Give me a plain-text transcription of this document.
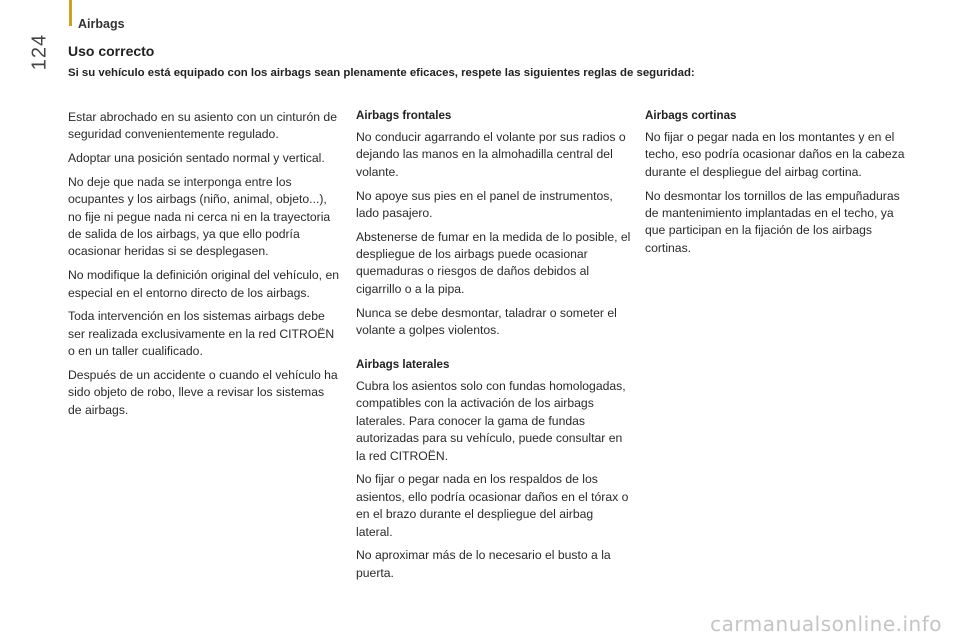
Airbags
124 Uso correcto
Si su vehículo está equipado con los airbags sean plenamente eficaces, respete las siguientes reglas de seguridad:

Estar abrochado en su asiento con un cinturón de seguridad convenientemente regulado.

Adoptar una posición sentado normal y vertical.

No deje que nada se interponga entre los ocupantes y los airbags (niño, animal, objeto...), no fije ni pegue nada ni cerca ni en la trayectoria de salida de los airbags, ya que ello podría ocasionar heridas si se desplegasen.

No modifique la definición original del vehículo, en especial en el entorno directo de los airbags.

Toda intervención en los sistemas airbags debe ser realizada exclusivamente en la red CITROËN o en un taller cualificado.

Después de un accidente o cuando el vehículo ha sido objeto de robo, lleve a revisar los sistemas de airbags.

Airbags frontales

No conducir agarrando el volante por sus radios o dejando las manos en la almohadilla central del volante.

No apoye sus pies en el panel de instrumentos, lado pasajero.

Abstenerse de fumar en la medida de lo posible, el despliegue de los airbags puede ocasionar quemaduras o riesgos de daños debidos al cigarrillo o a la pipa.

Nunca se debe desmontar, taladrar o someter el volante a golpes violentos.

Airbags laterales

Cubra los asientos solo con fundas homologadas, compatibles con la activación de los airbags laterales. Para conocer la gama de fundas autorizadas para su vehículo, puede consultar en la red CITROËN.

No fijar o pegar nada en los respaldos de los asientos, ello podría ocasionar daños en el tórax o en el brazo durante el despliegue del airbag lateral.

No aproximar más de lo necesario el busto a la puerta.

Airbags cortinas

No fijar o pegar nada en los montantes y en el techo, eso podría ocasionar daños en la cabeza durante el despliegue del airbag cortina.

No desmontar los tornillos de las empuñaduras de mantenimiento implantadas en el techo, ya que participan en la fijación de los airbags cortinas.

carmanualsonline.info
